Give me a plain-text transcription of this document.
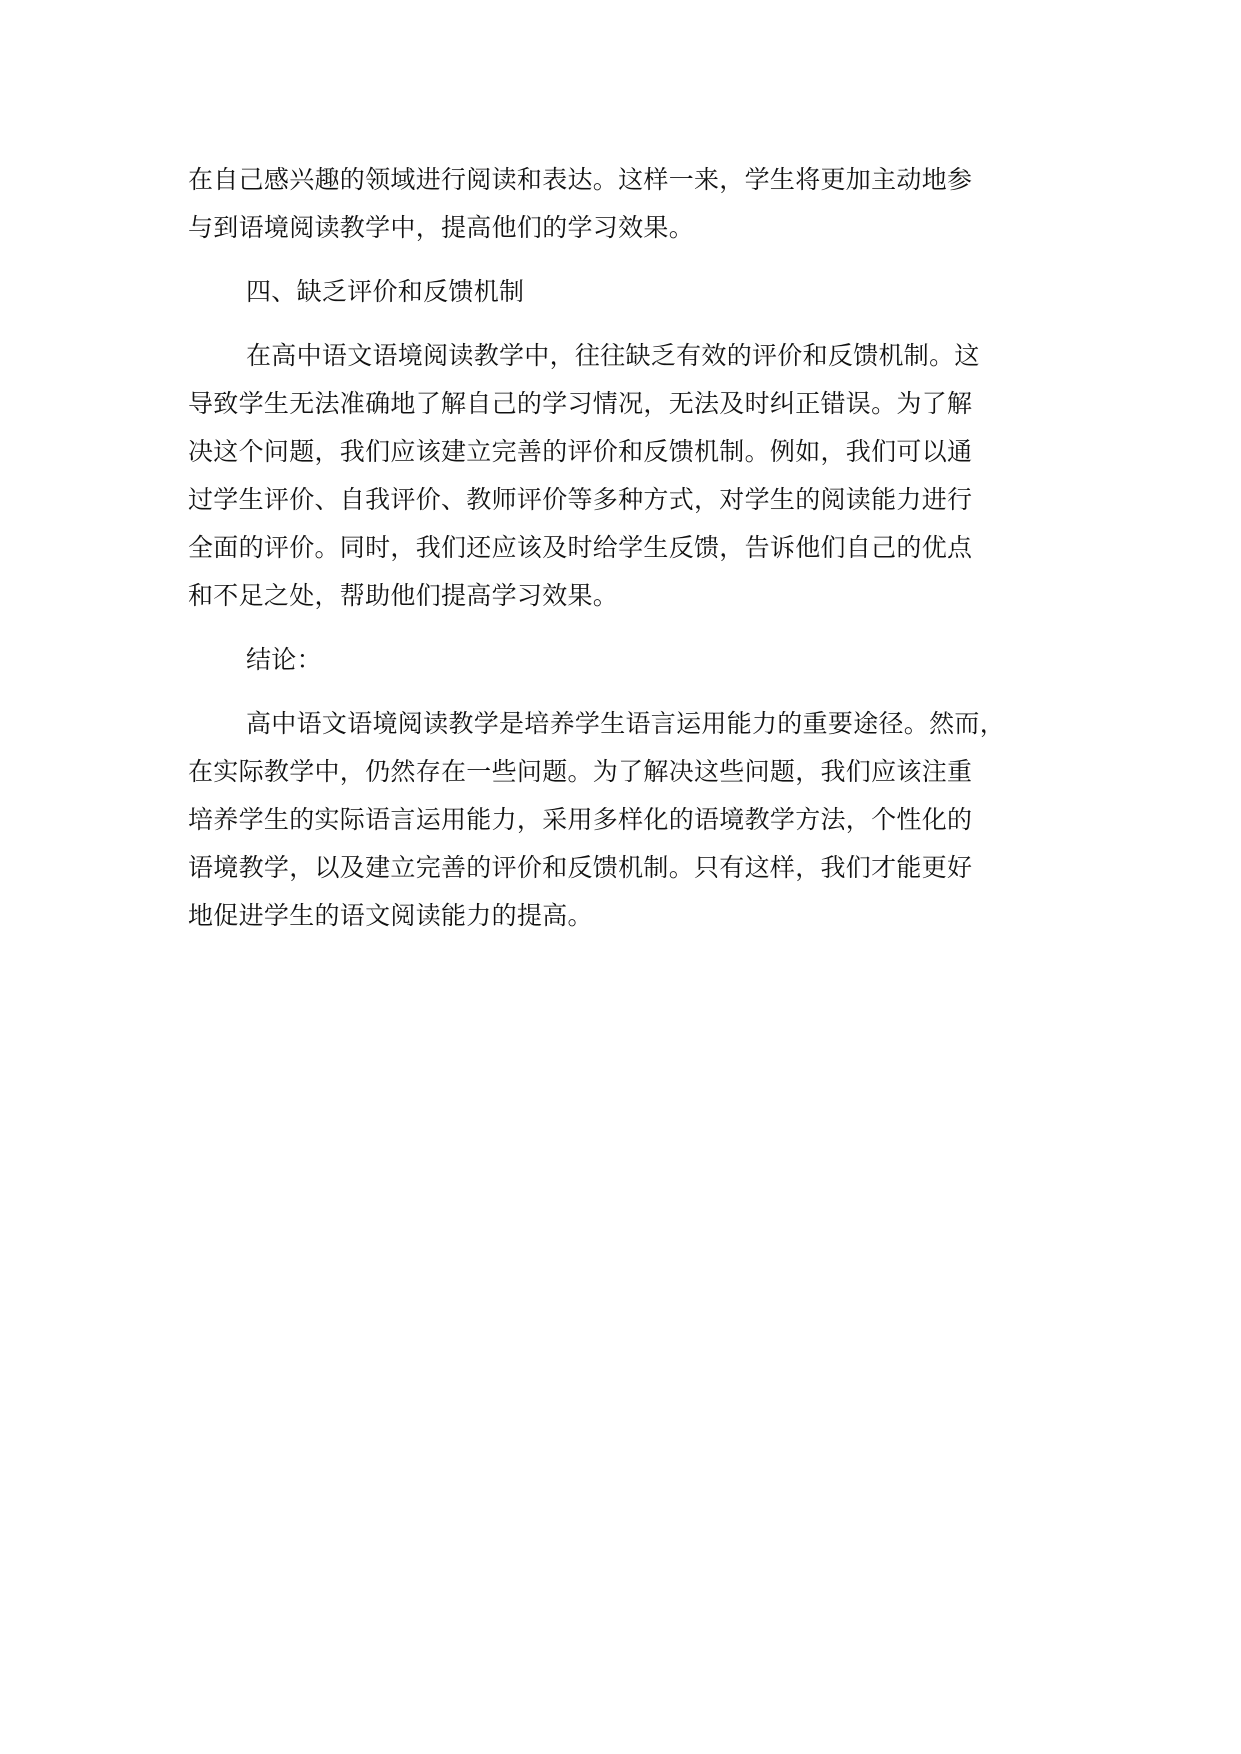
在自己感兴趣的领域进行阅读和表达。这样一来，学生将更加主动地参
与到语境阅读教学中，提高他们的学习效果。
四、缺乏评价和反馈机制
在高中语文语境阅读教学中，往往缺乏有效的评价和反馈机制。这
导致学生无法准确地了解自己的学习情况，无法及时纠正错误。为了解
决这个问题，我们应该建立完善的评价和反馈机制。例如，我们可以通
过学生评价、自我评价、教师评价等多种方式，对学生的阅读能力进行
全面的评价。同时，我们还应该及时给学生反馈，告诉他们自己的优点
和不足之处，帮助他们提高学习效果。
结论：
高中语文语境阅读教学是培养学生语言运用能力的重要途径。然而，
在实际教学中，仍然存在一些问题。为了解决这些问题，我们应该注重
培养学生的实际语言运用能力，采用多样化的语境教学方法，个性化的
语境教学，以及建立完善的评价和反馈机制。只有这样，我们才能更好
地促进学生的语文阅读能力的提高。
